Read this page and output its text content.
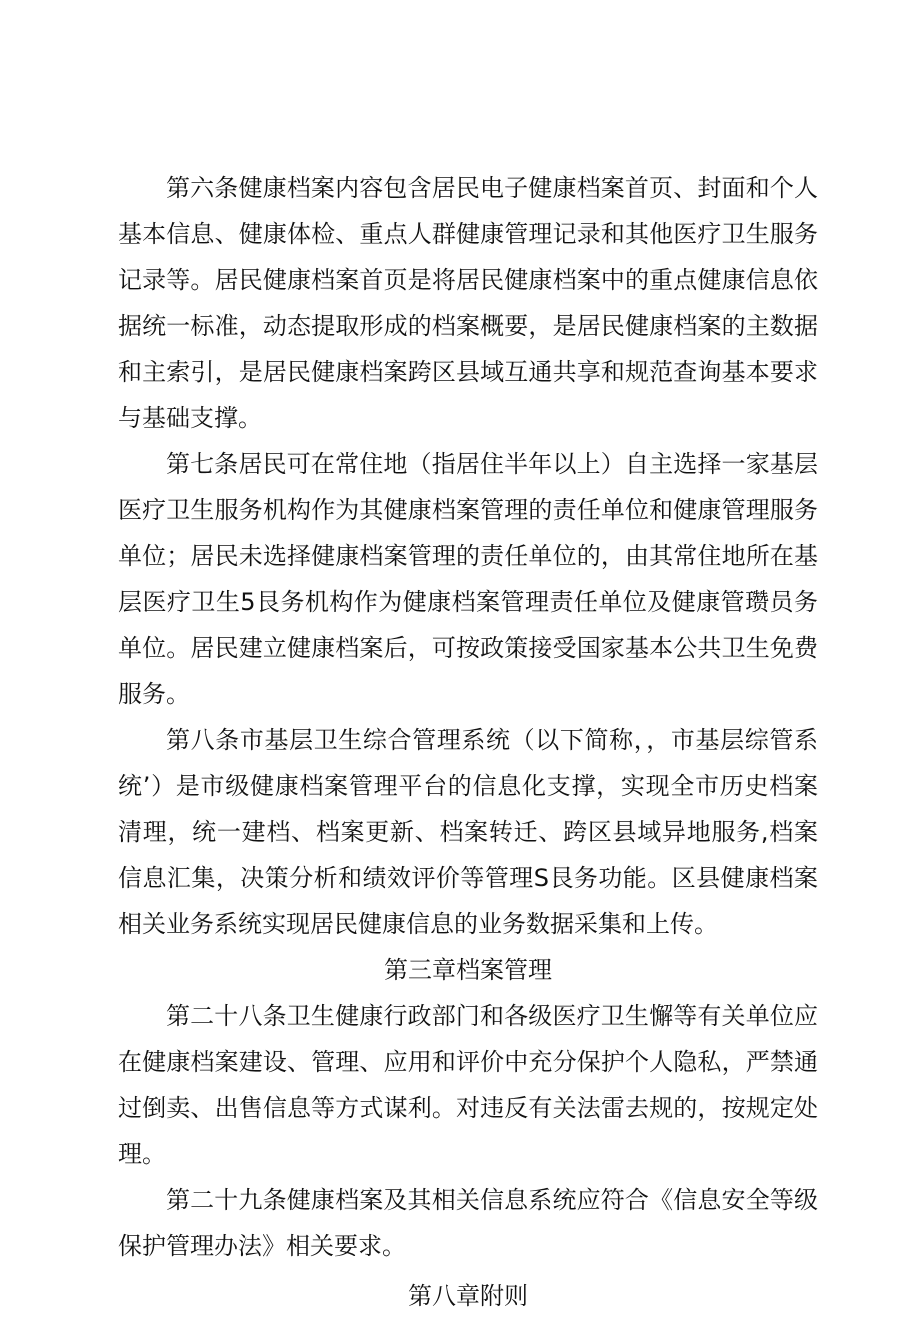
第六条健康档案内容包含居民电子健康档案首页、封面和个人基本信息、健康体检、重点人群健康管理记录和其他医疗卫生服务记录等。居民健康档案首页是将居民健康档案中的重点健康信息依据统一标准，动态提取形成的档案概要，是居民健康档案的主数据和主索引，是居民健康档案跨区县域互通共享和规范查询基本要求与基础支撑。

第七条居民可在常住地（指居住半年以上）自主选择一家基层医疗卫生服务机构作为其健康档案管理的责任单位和健康管理服务单位；居民未选择健康档案管理的责任单位的，由其常住地所在基层医疗卫生5艮务机构作为健康档案管理责任单位及健康管瓒员务单位。居民建立健康档案后，可按政策接受国家基本公共卫生免费服务。

第八条市基层卫生综合管理系统（以下简称，，市基层综管系统’）是市级健康档案管理平台的信息化支撑，实现全市历史档案清理，统一建档、档案更新、档案转迁、跨区县域异地服务,档案信息汇集，决策分析和绩效评价等管理S艮务功能。区县健康档案相关业务系统实现居民健康信息的业务数据采集和上传。

第三章档案管理

第二十八条卫生健康行政部门和各级医疗卫生懈等有关单位应在健康档案建设、管理、应用和评价中充分保护个人隐私，严禁通过倒卖、出售信息等方式谋利。对违反有关法雷去规的，按规定处理。

第二十九条健康档案及其相关信息系统应符合《信息安全等级保护管理办法》相关要求。

第八章附则
